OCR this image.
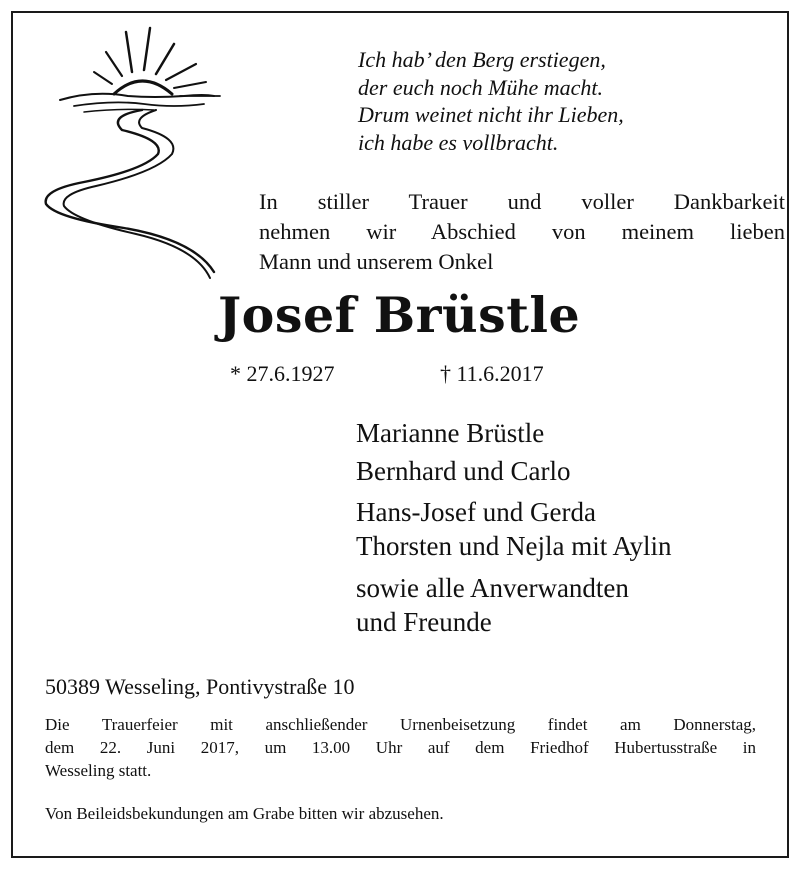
Ich hab’ den Berg erstiegen,
der euch noch Mühe macht.
Drum weinet nicht ihr Lieben,
ich habe es vollbracht.
In stiller Trauer und voller Dankbarkeit
nehmen wir Abschied von meinem lieben
Mann und unserem Onkel
Josef Brüstle
* 27.6.1927	† 11.6.2017
Marianne Brüstle
Bernhard und Carlo
Hans-Josef und Gerda
Thorsten und Nejla mit Aylin
sowie alle Anverwandten
und Freunde
50389 Wesseling, Pontivystraße 10
Die Trauerfeier mit anschließender Urnenbeisetzung findet am Donnerstag,
dem 22. Juni 2017, um 13.00 Uhr auf dem Friedhof Hubertusstraße in
Wesseling statt.
Von Beileidsbekundungen am Grabe bitten wir abzusehen.
